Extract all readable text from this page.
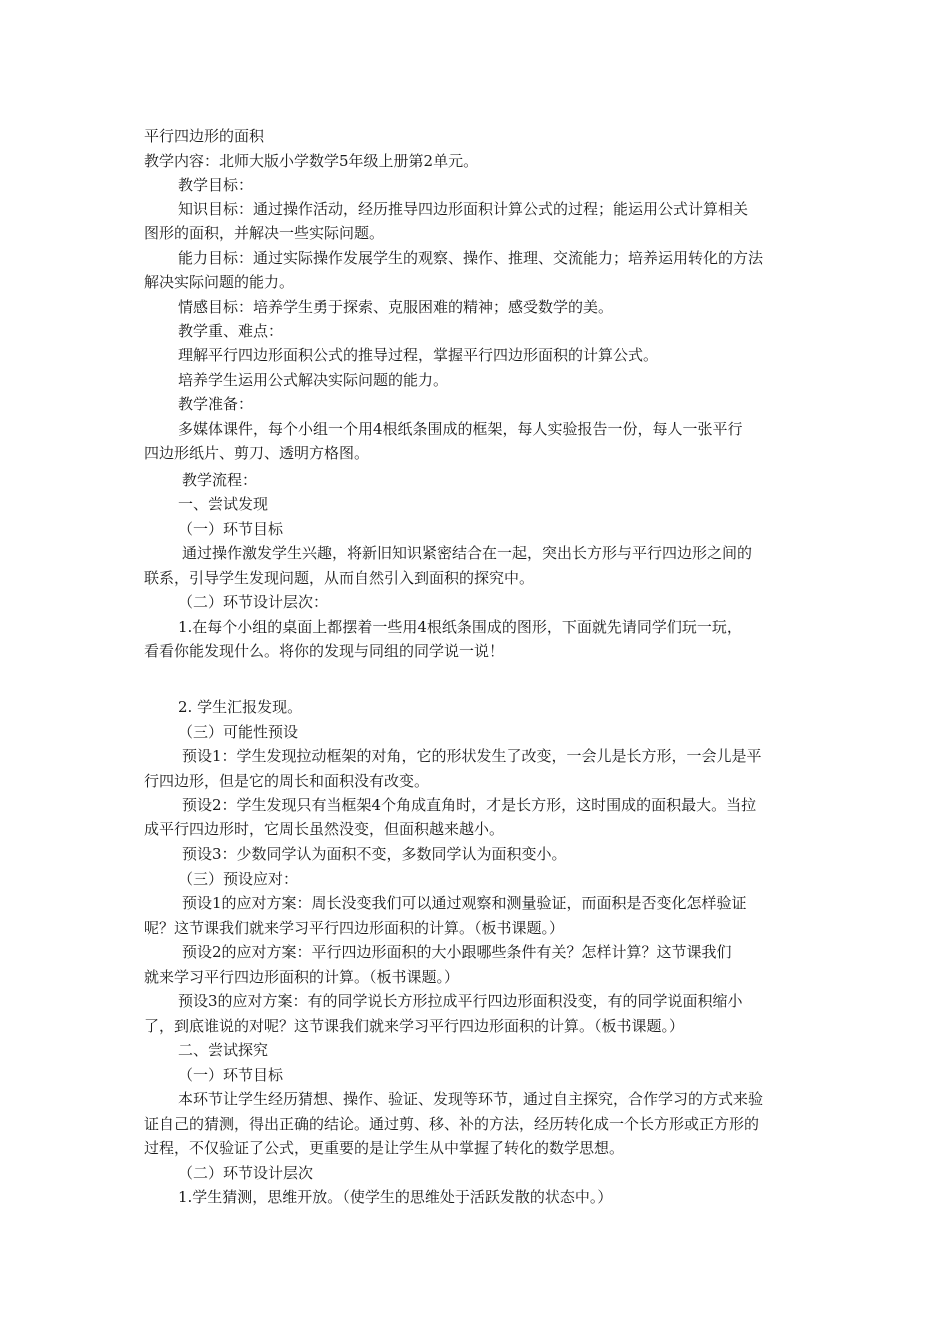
平行四边形的面积
教学内容：北师大版小学数学5年级上册第2单元。
教学目标：
知识目标：通过操作活动，经历推导四边形面积计算公式的过程；能运用公式计算相关
图形的面积，并解决一些实际问题。
能力目标：通过实际操作发展学生的观察、操作、推理、交流能力；培养运用转化的方法
解决实际问题的能力。
情感目标：培养学生勇于探索、克服困难的精神；感受数学的美。
教学重、难点：
理解平行四边形面积公式的推导过程，掌握平行四边形面积的计算公式。
培养学生运用公式解决实际问题的能力。
教学准备：
多媒体课件，每个小组一个用4根纸条围成的框架，每人实验报告一份，每人一张平行
四边形纸片、剪刀、透明方格图。
教学流程：
一、尝试发现
（一）环节目标
通过操作激发学生兴趣，将新旧知识紧密结合在一起，突出长方形与平行四边形之间的
联系，引导学生发现问题，从而自然引入到面积的探究中。
（二）环节设计层次：
1.在每个小组的桌面上都摆着一些用4根纸条围成的图形，下面就先请同学们玩一玩，
看看你能发现什么。将你的发现与同组的同学说一说！
2. 学生汇报发现。
（三）可能性预设
预设1：学生发现拉动框架的对角，它的形状发生了改变，一会儿是长方形，一会儿是平
行四边形，但是它的周长和面积没有改变。
预设2：学生发现只有当框架4个角成直角时，才是长方形，这时围成的面积最大。当拉
成平行四边形时，它周长虽然没变，但面积越来越小。
预设3：少数同学认为面积不变，多数同学认为面积变小。
（三）预设应对：
预设1的应对方案：周长没变我们可以通过观察和测量验证，而面积是否变化怎样验证
呢？这节课我们就来学习平行四边形面积的计算。（板书课题。）
预设2的应对方案：平行四边形面积的大小跟哪些条件有关？怎样计算？这节课我们
就来学习平行四边形面积的计算。（板书课题。）
预设3的应对方案：有的同学说长方形拉成平行四边形面积没变，有的同学说面积缩小
了，到底谁说的对呢？这节课我们就来学习平行四边形面积的计算。（板书课题。）
二、尝试探究
（一）环节目标
本环节让学生经历猜想、操作、验证、发现等环节，通过自主探究，合作学习的方式来验
证自己的猜测，得出正确的结论。通过剪、移、补的方法，经历转化成一个长方形或正方形的
过程，不仅验证了公式，更重要的是让学生从中掌握了转化的数学思想。
（二）环节设计层次
1.学生猜测，思维开放。（使学生的思维处于活跃发散的状态中。）
